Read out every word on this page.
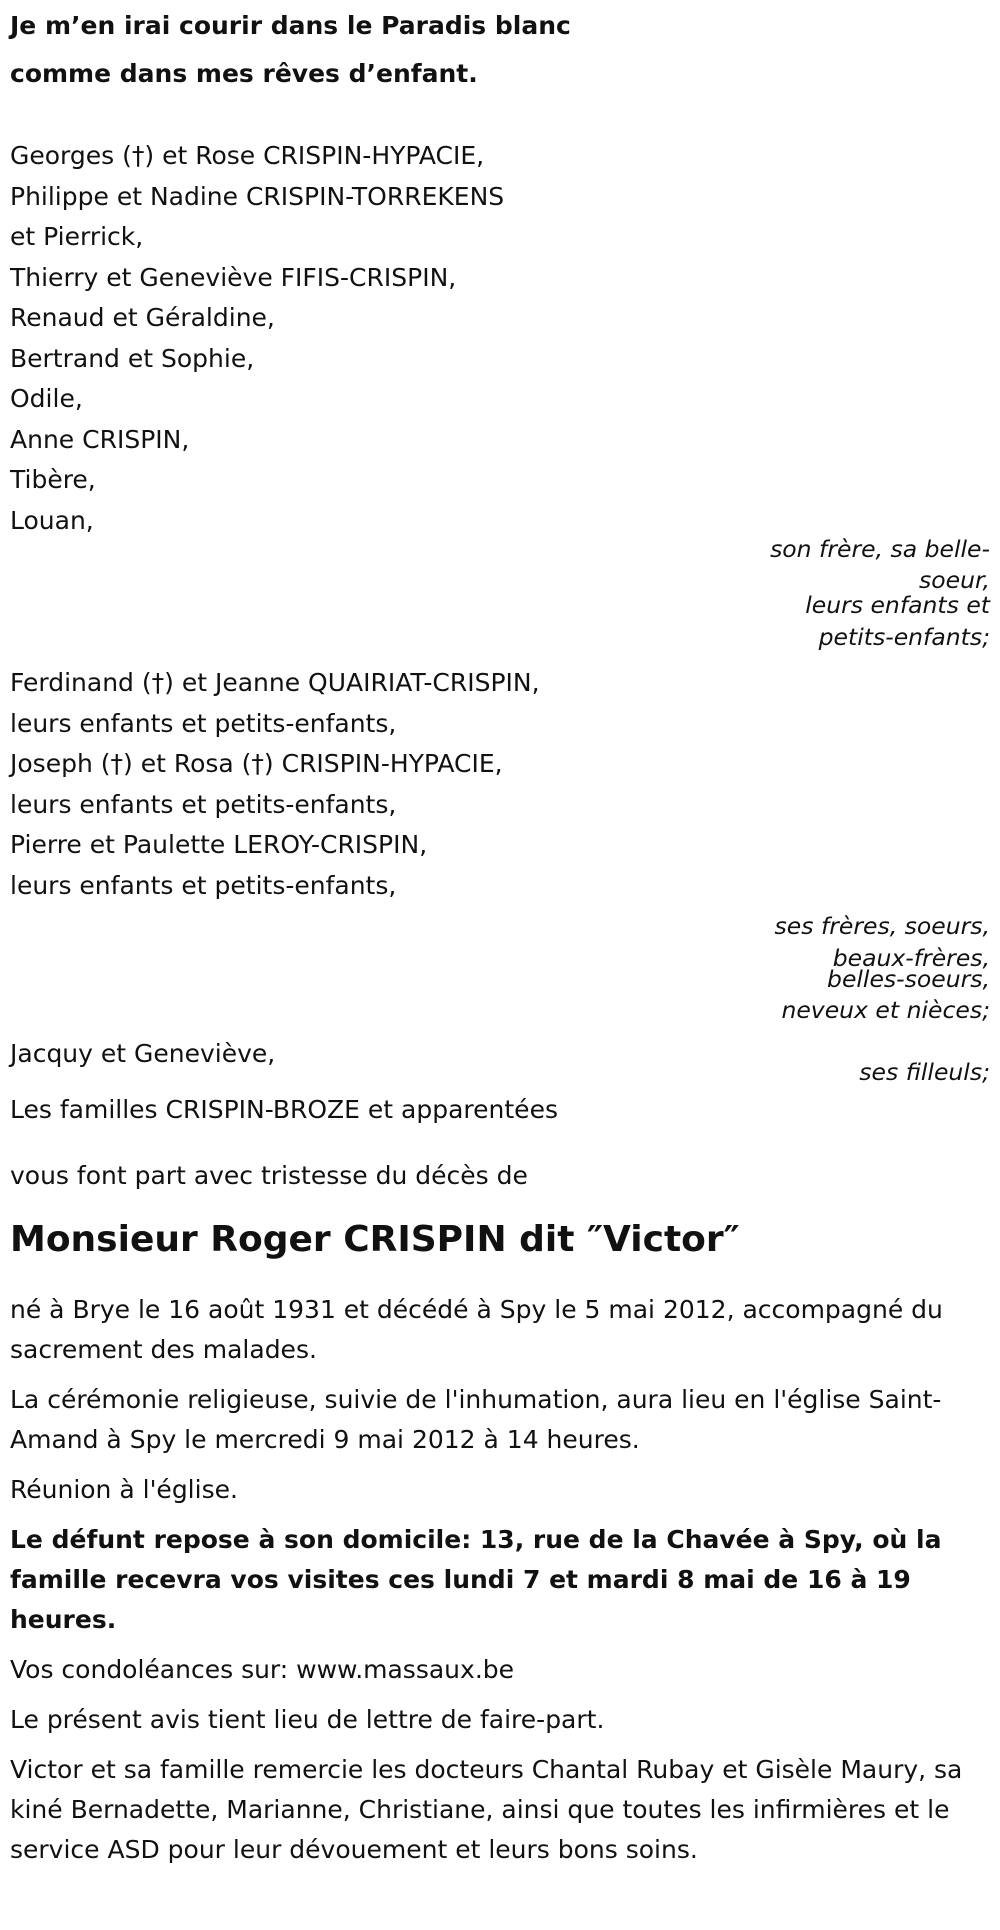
Je m’en irai courir dans le Paradis blanc
comme dans mes rêves d’enfant.
Georges (†) et Rose CRISPIN-HYPACIE,
Philippe et Nadine CRISPIN-TORREKENS
et Pierrick,
Thierry et Geneviève FIFIS-CRISPIN,
Renaud et Géraldine,
Bertrand et Sophie,
Odile,
Anne CRISPIN,
Tibère,
Louan,
son frère, sa belle-
soeur,
leurs enfants et
petits-enfants;
Ferdinand (†) et Jeanne QUAIRIAT-CRISPIN,
leurs enfants et petits-enfants,
Joseph (†) et Rosa (†) CRISPIN-HYPACIE,
leurs enfants et petits-enfants,
Pierre et Paulette LEROY-CRISPIN,
leurs enfants et petits-enfants,
ses frères, soeurs,
beaux-frères,
belles-soeurs,
neveux et nièces;
Jacquy et Geneviève,
ses filleuls;
Les familles CRISPIN-BROZE et apparentées
vous font part avec tristesse du décès de
Monsieur Roger CRISPIN dit ″Victor″

né à Brye le 16 août 1931 et décédé à Spy le 5 mai 2012, accompagné du sacrement des malades.

La cérémonie religieuse, suivie de l'inhumation, aura lieu en l'église Saint-Amand à Spy le mercredi 9 mai 2012 à 14 heures.

Réunion à l'église.

Le défunt repose à son domicile: 13, rue de la Chavée à Spy, où la famille recevra vos visites ces lundi 7 et mardi 8 mai de 16 à 19 heures.

Vos condoléances sur: www.massaux.be

Le présent avis tient lieu de lettre de faire-part.

Victor et sa famille remercie les docteurs Chantal Rubay et Gisèle Maury, sa kiné Bernadette, Marianne, Christiane, ainsi que toutes les infirmières et le service ASD pour leur dévouement et leurs bons soins.
